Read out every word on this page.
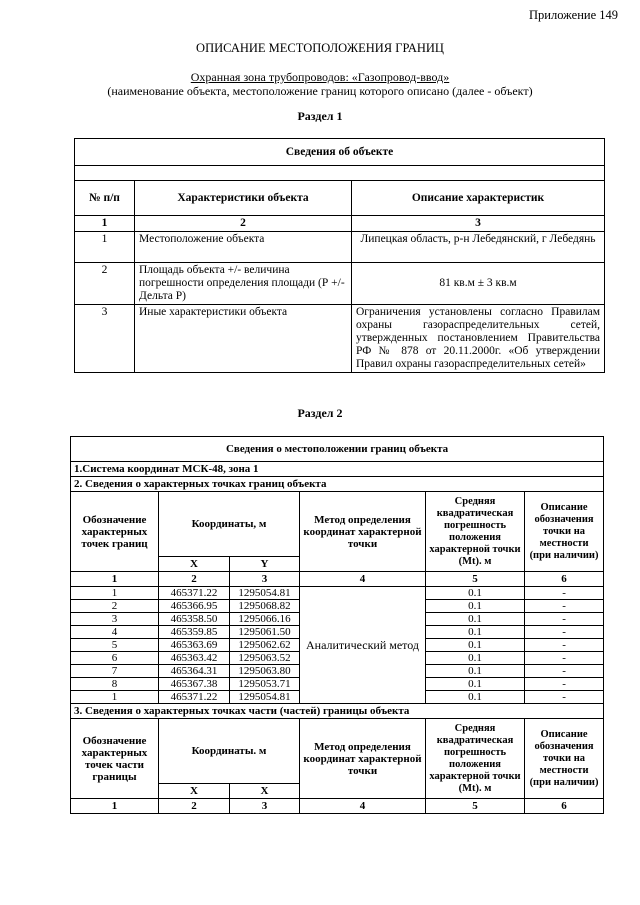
Приложение 149
ОПИСАНИЕ МЕСТОПОЛОЖЕНИЯ ГРАНИЦ
Охранная зона трубопроводов: «Газопровод-ввод»
(наименование объекта, местоположение границ которого описано (далее - объект)
Раздел 1
Сведения об объекте		

№ п/п	Характеристики объекта	Описание характеристик
1	2	3
1	Местоположение объекта	Липецкая область, р-н Лебедянский, г Лебедянь
2	Площадь объекта +/- величина погрешности определения площади (Р +/- Дельта Р)	81 кв.м ± 3 кв.м
3	Иные характеристики объекта	Ограничения установлены согласно Правилам охраны газораспределительных сетей, утвержденных постановлением Правительства РФ № 878 от 20.11.2000г. «Об утверждении Правил охраны газораспределительных сетей»
Раздел 2
Сведения о местоположении границ объекта					
1.Система координат МСК-48, зона 1					
2. Сведения о характерных точках границ объекта					
Обозначение характерных точек границ	Координаты, м		Метод определения координат характерной точки	Средняя квадратическая погрешность положения характерной точки (Mt). м	Описание обозначения точки на местности (при наличии)
	X	Y			
1	2	3	4	5	6
1	465371.22	1295054.81	Аналитический метод	0.1	-
2	465366.95	1295068.82		0.1	-
3	465358.50	1295066.16		0.1	-
4	465359.85	1295061.50		0.1	-
5	465363.69	1295062.62		0.1	-
6	465363.42	1295063.52		0.1	-
7	465364.31	1295063.80		0.1	-
8	465367.38	1295053.71		0.1	-
1	465371.22	1295054.81		0.1	-
3. Сведения о характерных точках части (частей) границы объекта					
Обозначение характерных точек части границы	Координаты. м		Метод определения координат характерной точки	Средняя квадратическая погрешность положения характерной точки (Mt). м	Описание обозначения точки на местности (при наличии)
	X	X			
1	2	3	4	5	6
